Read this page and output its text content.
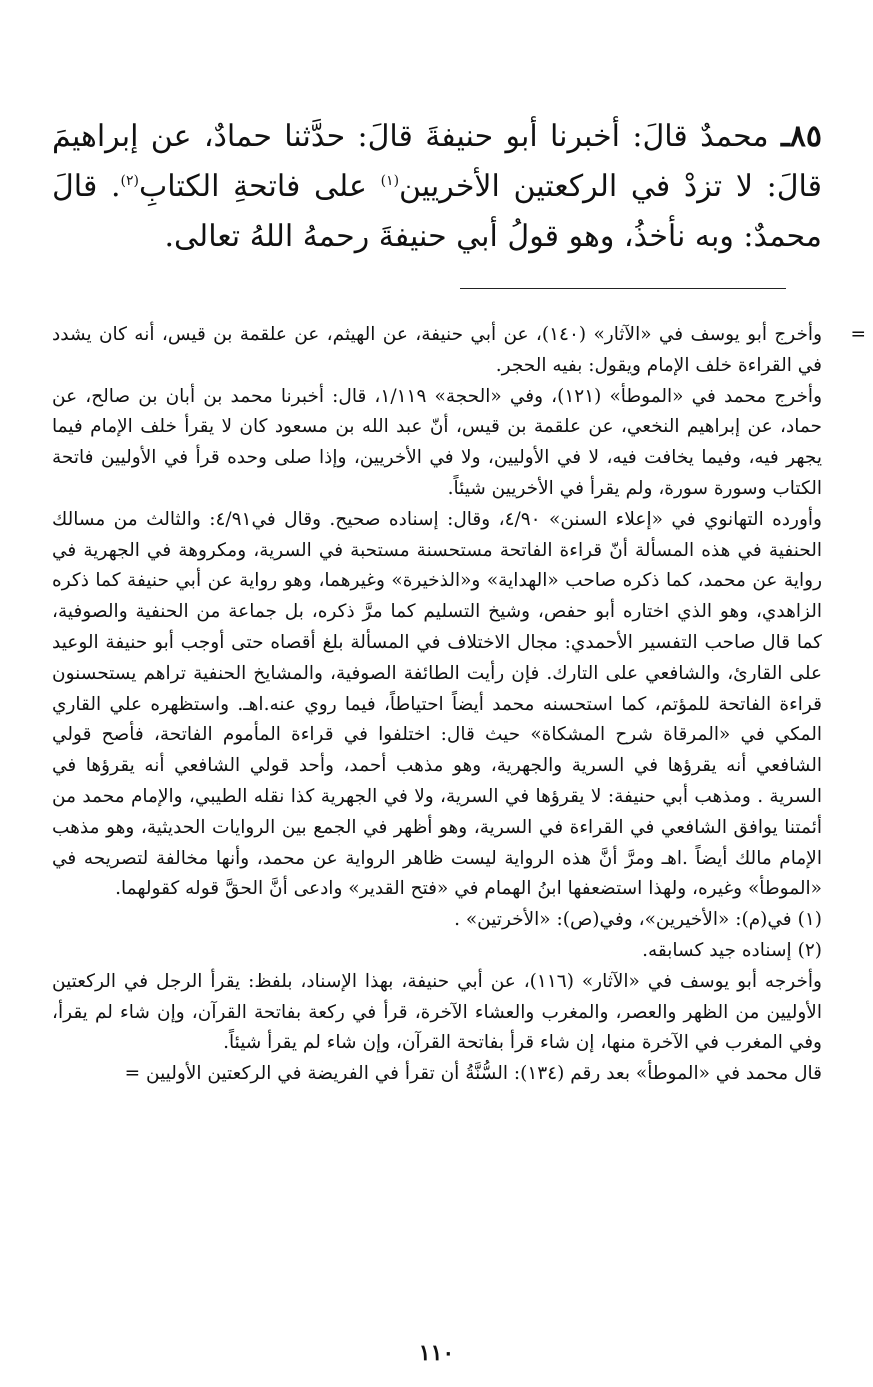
٨٥ـ محمدٌ قالَ: أخبرنا أبو حنيفةَ قالَ: حدَّثنا حمادٌ، عن إبراهيمَ قالَ: لا تزدْ في الركعتين الأخريين$^{(١)}$ على فاتحةِ الكتابِ$^{(٢)}$. قالَ محمدٌ: وبه نأخذُ، وهو قولُ أبي حنيفةَ رحمهُ اللهُ تعالى.

=
وأخرج أبو يوسف في «الآثار» (١٤٠)، عن أبي حنيفة، عن الهيثم، عن علقمة بن قيس، أنه كان يشدد في القراءة خلف الإمام ويقول: بفيه الحجر.

وأخرج محمد في «الموطأ» (١٢١)، وفي «الحجة» ١/١١٩، قال: أخبرنا محمد بن أبان بن صالح، عن حماد، عن إبراهيم النخعي، عن علقمة بن قيس، أنّ عبد الله بن مسعود كان لا يقرأ خلف الإمام فيما يجهر فيه، وفيما يخافت فيه، لا في الأوليين، ولا في الأخريين، وإذا صلى وحده قرأ في الأوليين فاتحة الكتاب وسورة سورة، ولم يقرأ في الأخريين شيئاً.

وأورده التهانوي في «إعلاء السنن» ٤/٩٠، وقال: إسناده صحيح. وقال في٤/٩١: والثالث من مسالك الحنفية في هذه المسألة أنّ قراءة الفاتحة مستحسنة مستحبة في السرية، ومكروهة في الجهرية في رواية عن محمد، كما ذكره صاحب «الهداية» و«الذخيرة» وغيرهما، وهو رواية عن أبي حنيفة كما ذكره الزاهدي، وهو الذي اختاره أبو حفص، وشيخ التسليم كما مرَّ ذكره، بل جماعة من الحنفية والصوفية، كما قال صاحب التفسير الأحمدي: مجال الاختلاف في المسألة بلغ أقصاه حتى أوجب أبو حنيفة الوعيد على القارئ، والشافعي على التارك. فإن رأيت الطائفة الصوفية، والمشايخ الحنفية تراهم يستحسنون قراءة الفاتحة للمؤتم، كما استحسنه محمد أيضاً احتياطاً، فيما روي عنه.اهـ. واستظهره علي القاري المكي في «المرقاة شرح المشكاة» حيث قال: اختلفوا في قراءة المأموم الفاتحة، فأصح قولي الشافعي أنه يقرؤها في السرية والجهرية، وهو مذهب أحمد، وأحد قولي الشافعي أنه يقرؤها في السرية . ومذهب أبي حنيفة: لا يقرؤها في السرية، ولا في الجهرية كذا نقله الطيبي، والإمام محمد من أئمتنا يوافق الشافعي في القراءة في السرية، وهو أظهر في الجمع بين الروايات الحديثية، وهو مذهب الإمام مالك أيضاً .اهـ ومرَّ أنَّ هذه الرواية ليست ظاهر الرواية عن محمد، وأنها مخالفة لتصريحه في «الموطأ» وغيره، ولهذا استضعفها ابنُ الهمام في «فتح القدير» وادعى أنَّ الحقَّ قوله كقولهما.

(١)
في(م): «الأخيرين»، وفي(ص): «الأخرتين» .

(٢)
إسناده جيد كسابقه.

وأخرجه أبو يوسف في «الآثار» (١١٦)، عن أبي حنيفة، بهذا الإسناد، بلفظ: يقرأ الرجل في الركعتين الأوليين من الظهر والعصر، والمغرب والعشاء الآخرة، قرأ في ركعة بفاتحة القرآن، وإن شاء لم يقرأ، وفي المغرب في الآخرة منها، إن شاء قرأ بفاتحة القرآن، وإن شاء لم يقرأ شيئاً.

قال محمد في «الموطأ» بعد رقم (١٣٤): السُّنَّةُ أن تقرأ في الفريضة في الركعتين الأوليين =

١١٠
